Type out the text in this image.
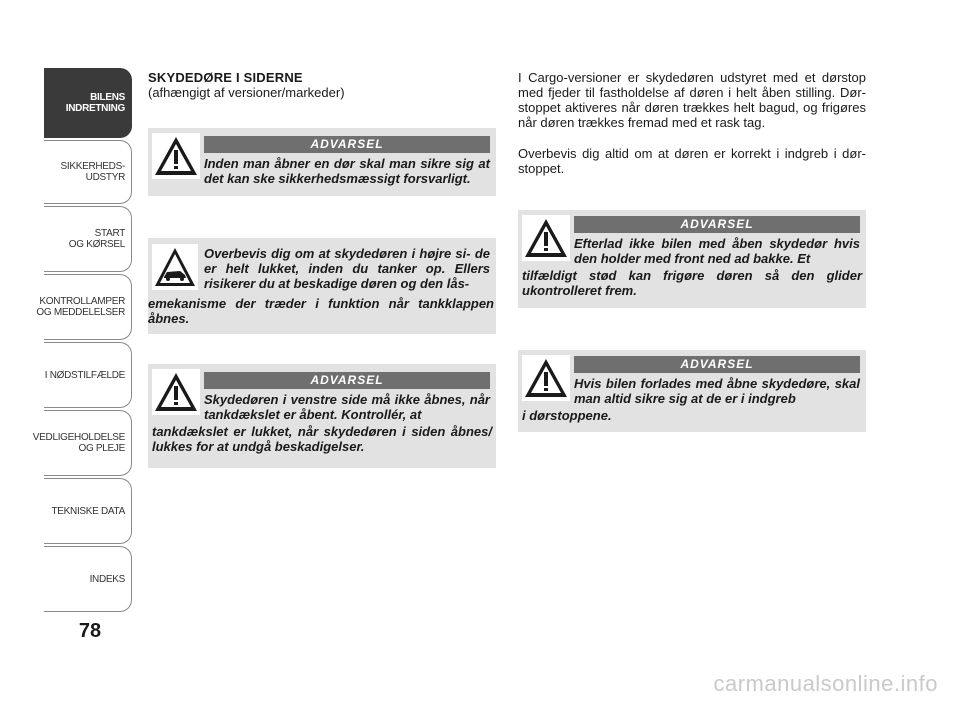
BILENS
INDRETNING
SIKKERHEDS-
UDSTYR
START
OG KØRSEL
KONTROLLAMPER
OG MEDDELELSER
I NØDSTILFÆLDE
VEDLIGEHOLDELSE
OG PLEJE
TEKNISKE DATA
INDEKS
78
SKYDEDØRE I SIDERNE
(afhængigt af versioner/markeder)
ADVARSEL
Inden man åbner en dør skal man sikre sig at det kan ske sikkerhedsmæssigt forsvarligt.
Overbevis dig om at skydedøren i højre si- de er helt lukket, inden du tanker op. Ellers risikerer du at beskadige døren og den lås-
emekanisme der træder i funktion når tankklappen åbnes.
ADVARSEL
Skydedøren i venstre side må ikke åbnes, når tankdækslet er åbent. Kontrollér, at
tankdækslet er lukket, når skydedøren i siden åbnes/ lukkes for at undgå beskadigelser.
I Cargo-versioner er skydedøren udstyret med et dørstop med fjeder til fastholdelse af døren i helt åben stilling. Dør- stoppet aktiveres når døren trækkes helt bagud, og frigøres når døren trækkes fremad med et rask tag.
Overbevis dig altid om at døren er korrekt i indgreb i dør- stoppet.
ADVARSEL
Efterlad ikke bilen med åben skydedør hvis den holder med front ned ad bakke. Et
tilfældigt stød kan frigøre døren så den glider ukontrolleret frem.
ADVARSEL
Hvis bilen forlades med åbne skydedøre, skal man altid sikre sig at de er i indgreb
i dørstoppene.
carmanualsonline.info
